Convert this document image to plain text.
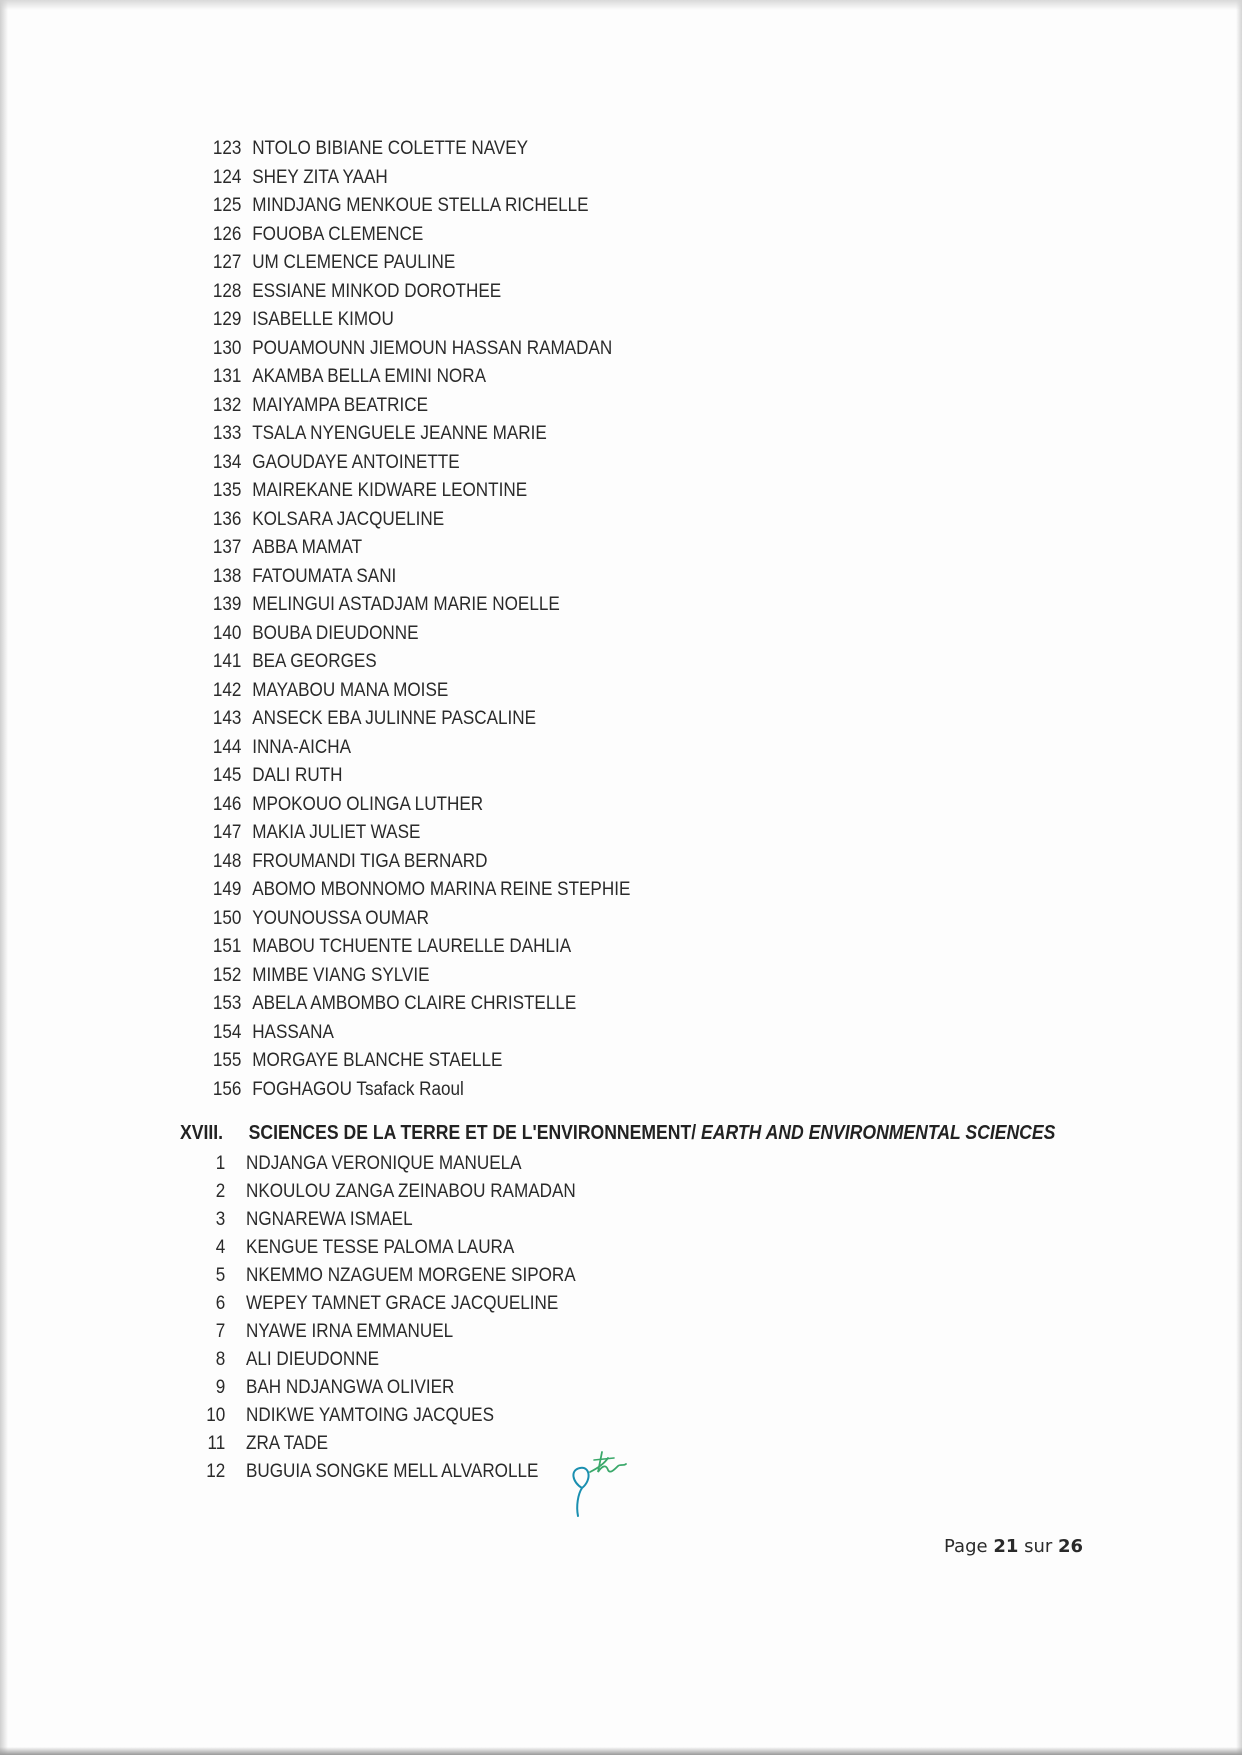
123 NTOLO BIBIANE COLETTE NAVEY
124 SHEY ZITA YAAH
125 MINDJANG MENKOUE STELLA RICHELLE
126 FOUOBA CLEMENCE
127 UM CLEMENCE PAULINE
128 ESSIANE MINKOD DOROTHEE
129 ISABELLE KIMOU
130 POUAMOUNN JIEMOUN HASSAN RAMADAN
131 AKAMBA BELLA EMINI NORA
132 MAIYAMPA BEATRICE
133 TSALA NYENGUELE JEANNE MARIE
134 GAOUDAYE ANTOINETTE
135 MAIREKANE KIDWARE LEONTINE
136 KOLSARA JACQUELINE
137 ABBA MAMAT
138 FATOUMATA SANI
139 MELINGUI ASTADJAM MARIE NOELLE
140 BOUBA DIEUDONNE
141 BEA GEORGES
142 MAYABOU MANA MOISE
143 ANSECK EBA JULINNE PASCALINE
144 INNA-AICHA
145 DALI RUTH
146 MPOKOUO OLINGA LUTHER
147 MAKIA JULIET WASE
148 FROUMANDI TIGA BERNARD
149 ABOMO MBONNOMO MARINA REINE STEPHIE
150 YOUNOUSSA OUMAR
151 MABOU TCHUENTE LAURELLE DAHLIA
152 MIMBE VIANG SYLVIE
153 ABELA AMBOMBO CLAIRE CHRISTELLE
154 HASSANA
155 MORGAYE BLANCHE STAELLE
156 FOGHAGOU Tsafack Raoul
XVIII. SCIENCES DE LA TERRE ET DE L'ENVIRONNEMENT/ EARTH AND ENVIRONMENTAL SCIENCES
1 NDJANGA VERONIQUE MANUELA
2 NKOULOU ZANGA ZEINABOU RAMADAN
3 NGNAREWA ISMAEL
4 KENGUE TESSE PALOMA LAURA
5 NKEMMO NZAGUEM MORGENE SIPORA
6 WEPEY TAMNET GRACE JACQUELINE
7 NYAWE IRNA EMMANUEL
8 ALI DIEUDONNE
9 BAH NDJANGWA OLIVIER
10 NDIKWE YAMTOING JACQUES
11 ZRA TADE
12 BUGUIA SONGKE MELL ALVAROLLE
Page 21 sur 26
